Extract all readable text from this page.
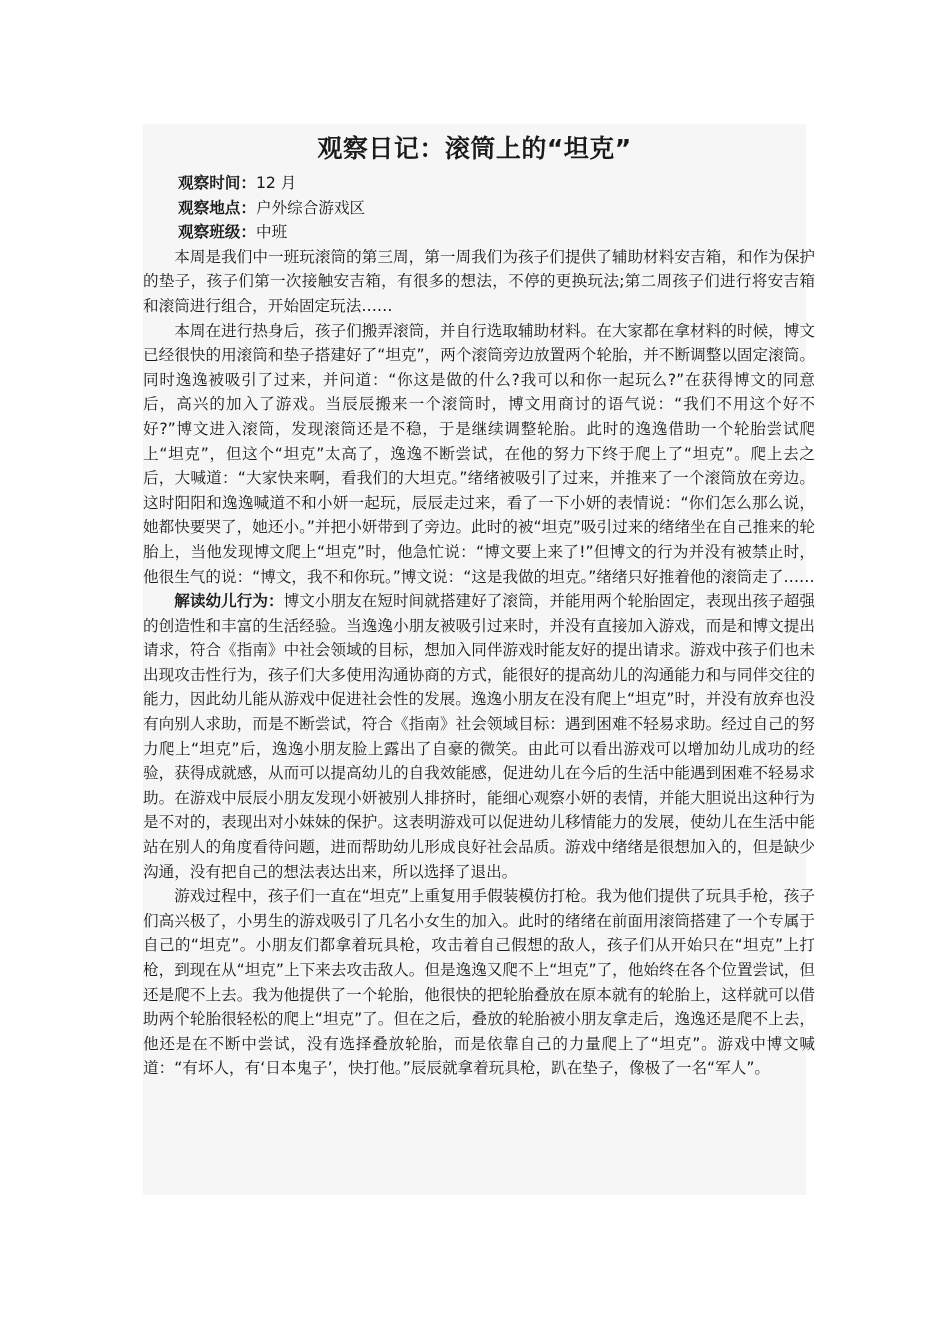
观察日记：滚筒上的“坦克”
观察时间：12 月
观察地点：户外综合游戏区
观察班级：中班

本周是我们中一班玩滚筒的第三周，第一周我们为孩子们提供了辅助材料安吉箱，和作为保护的垫子，孩子们第一次接触安吉箱，有很多的想法，不停的更换玩法;第二周孩子们进行将安吉箱和滚筒进行组合，开始固定玩法……

本周在进行热身后，孩子们搬弄滚筒，并自行选取辅助材料。在大家都在拿材料的时候，博文已经很快的用滚筒和垫子搭建好了“坦克”，两个滚筒旁边放置两个轮胎，并不断调整以固定滚筒。同时逸逸被吸引了过来，并问道：“你这是做的什么?我可以和你一起玩么?”在获得博文的同意后，高兴的加入了游戏。当辰辰搬来一个滚筒时，博文用商讨的语气说：“我们不用这个好不好?”博文进入滚筒，发现滚筒还是不稳，于是继续调整轮胎。此时的逸逸借助一个轮胎尝试爬上“坦克”，但这个“坦克”太高了，逸逸不断尝试，在他的努力下终于爬上了“坦克”。爬上去之后，大喊道：“大家快来啊，看我们的大坦克。”绪绪被吸引了过来，并推来了一个滚筒放在旁边。这时阳阳和逸逸喊道不和小妍一起玩，辰辰走过来，看了一下小妍的表情说：“你们怎么那么说，她都快要哭了，她还小。”并把小妍带到了旁边。此时的被“坦克”吸引过来的绪绪坐在自己推来的轮胎上，当他发现博文爬上“坦克”时，他急忙说：“博文要上来了!”但博文的行为并没有被禁止时，他很生气的说：“博文，我不和你玩。”博文说：“这是我做的坦克。”绪绪只好推着他的滚筒走了……

解读幼儿行为：博文小朋友在短时间就搭建好了滚筒，并能用两个轮胎固定，表现出孩子超强的创造性和丰富的生活经验。当逸逸小朋友被吸引过来时，并没有直接加入游戏，而是和博文提出请求，符合《指南》中社会领域的目标，想加入同伴游戏时能友好的提出请求。游戏中孩子们也未出现攻击性行为，孩子们大多使用沟通协商的方式，能很好的提高幼儿的沟通能力和与同伴交往的能力，因此幼儿能从游戏中促进社会性的发展。逸逸小朋友在没有爬上“坦克”时，并没有放弃也没有向别人求助，而是不断尝试，符合《指南》社会领域目标：遇到困难不轻易求助。经过自己的努力爬上“坦克”后，逸逸小朋友脸上露出了自豪的微笑。由此可以看出游戏可以增加幼儿成功的经验，获得成就感，从而可以提高幼儿的自我效能感，促进幼儿在今后的生活中能遇到困难不轻易求助。在游戏中辰辰小朋友发现小妍被别人排挤时，能细心观察小妍的表情，并能大胆说出这种行为是不对的，表现出对小妹妹的保护。这表明游戏可以促进幼儿移情能力的发展，使幼儿在生活中能站在别人的角度看待问题，进而帮助幼儿形成良好社会品质。游戏中绪绪是很想加入的，但是缺少沟通，没有把自己的想法表达出来，所以选择了退出。

游戏过程中，孩子们一直在“坦克”上重复用手假装模仿打枪。我为他们提供了玩具手枪，孩子们高兴极了，小男生的游戏吸引了几名小女生的加入。此时的绪绪在前面用滚筒搭建了一个专属于自己的“坦克”。小朋友们都拿着玩具枪，攻击着自己假想的敌人，孩子们从开始只在“坦克”上打枪，到现在从“坦克”上下来去攻击敌人。但是逸逸又爬不上“坦克”了，他始终在各个位置尝试，但还是爬不上去。我为他提供了一个轮胎，他很快的把轮胎叠放在原本就有的轮胎上，这样就可以借助两个轮胎很轻松的爬上“坦克”了。但在之后，叠放的轮胎被小朋友拿走后，逸逸还是爬不上去，他还是在不断中尝试，没有选择叠放轮胎，而是依靠自己的力量爬上了“坦克”。游戏中博文喊道：“有坏人，有‘日本鬼子’，快打他。”辰辰就拿着玩具枪，趴在垫子，像极了一名“军人”。
